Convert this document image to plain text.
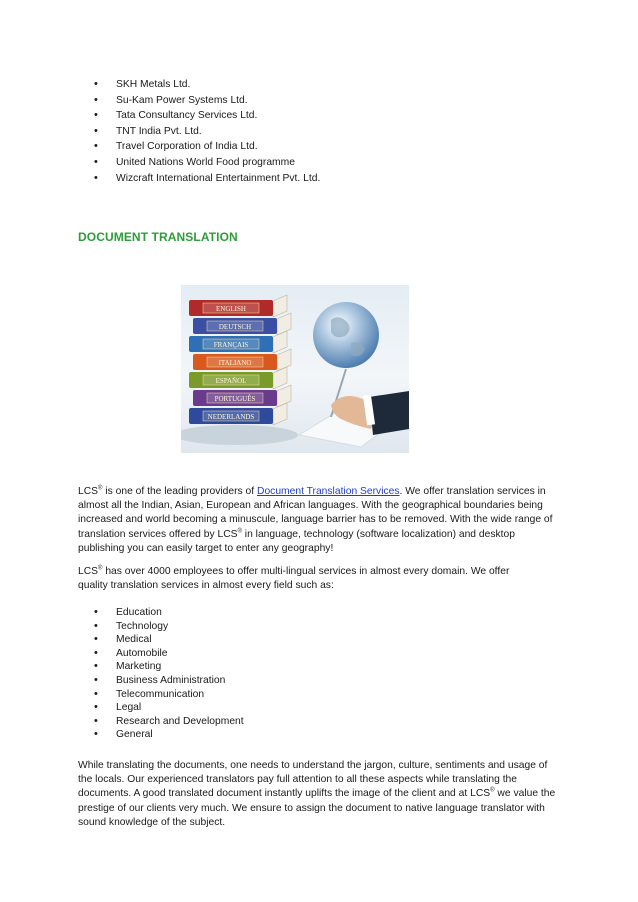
• SKH Metals Ltd.
• Su-Kam Power Systems Ltd.
• Tata Consultancy Services Ltd.
• TNT India Pvt. Ltd.
• Travel Corporation of India Ltd.
• United Nations World Food programme
• Wizcraft International Entertainment Pvt. Ltd.
DOCUMENT TRANSLATION
ENGLISH
DEUTSCH
FRANÇAIS
ITALIANO
ESPAÑOL
PORTUGUÊS
NEDERLANDS

LCS® is one of the leading providers of Document Translation Services. We offer translation services in almost all the Indian, Asian, European and African languages. With the geographical boundaries being increased and world becoming a minuscule, language barrier has to be removed. With the wide range of translation services offered by LCS® in language, technology (software localization) and desktop publishing you can easily target to enter any geography!

LCS® has over 4000 employees to offer multi-lingual services in almost every domain. We offer
quality translation services in almost every field such as:

• Education
• Technology
• Medical
• Automobile
• Marketing
• Business Administration
• Telecommunication
• Legal
• Research and Development
• General

While translating the documents, one needs to understand the jargon, culture, sentiments and usage of the locals. Our experienced translators pay full attention to all these aspects while translating the documents. A good translated document instantly uplifts the image of the client and at LCS® we value the prestige of our clients very much. We ensure to assign the document to native language translator with sound knowledge of the subject.
